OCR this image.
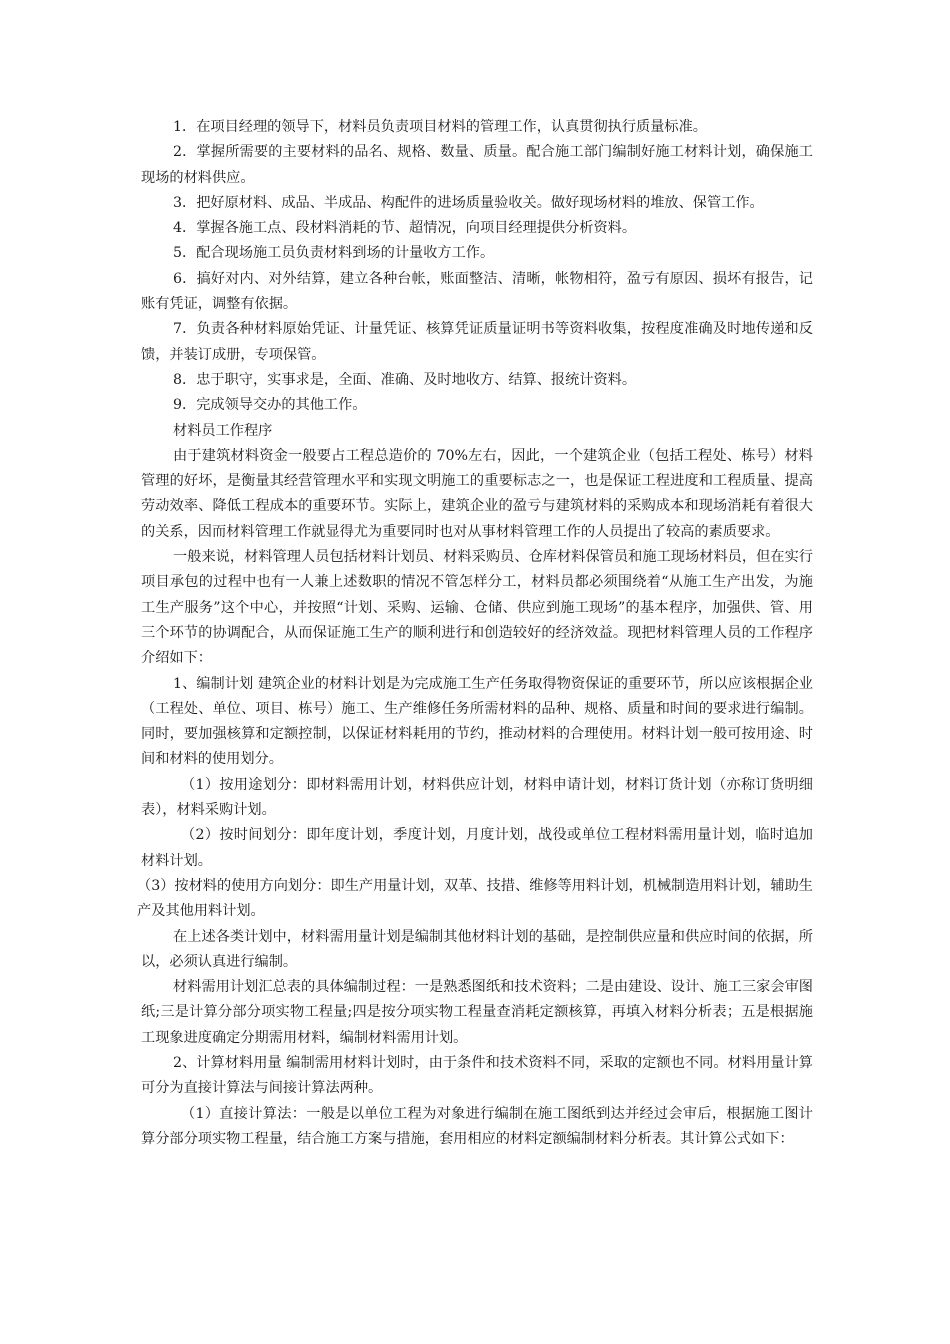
1．在项目经理的领导下，材料员负责项目材料的管理工作，认真贯彻执行质量标准。

2．掌握所需要的主要材料的品名、规格、数量、质量。配合施工部门编制好施工材料计划，确保施工现场的材料供应。

3．把好原材料、成品、半成品、构配件的进场质量验收关。做好现场材料的堆放、保管工作。

4．掌握各施工点、段材料消耗的节、超情况，向项目经理提供分析资料。

5．配合现场施工员负责材料到场的计量收方工作。

6．搞好对内、对外结算，建立各种台帐，账面整洁、清晰，帐物相符，盈亏有原因、损坏有报告，记账有凭证，调整有依据。

7．负责各种材料原始凭证、计量凭证、核算凭证质量证明书等资料收集，按程度准确及时地传递和反馈，并装订成册，专项保管。

8．忠于职守，实事求是，全面、准确、及时地收方、结算、报统计资料。

9．完成领导交办的其他工作。

材料员工作程序

由于建筑材料资金一般要占工程总造价的 70%左右，因此，一个建筑企业（包括工程处、栋号）材料管理的好坏，是衡量其经营管理水平和实现文明施工的重要标志之一，也是保证工程进度和工程质量、提高劳动效率、降低工程成本的重要环节。实际上，建筑企业的盈亏与建筑材料的采购成本和现场消耗有着很大的关系，因而材料管理工作就显得尤为重要同时也对从事材料管理工作的人员提出了较高的素质要求。

一般来说，材料管理人员包括材料计划员、材料采购员、仓库材料保管员和施工现场材料员，但在实行项目承包的过程中也有一人兼上述数职的情况不管怎样分工，材料员都必须围绕着“从施工生产出发，为施工生产服务”这个中心，并按照“计划、采购、运输、仓储、供应到施工现场”的基本程序，加强供、管、用三个环节的协调配合，从而保证施工生产的顺利进行和创造较好的经济效益。现把材料管理人员的工作程序介绍如下：

1、编制计划 建筑企业的材料计划是为完成施工生产任务取得物资保证的重要环节，所以应该根据企业（工程处、单位、项目、栋号）施工、生产维修任务所需材料的品种、规格、质量和时间的要求进行编制。同时，要加强核算和定额控制，以保证材料耗用的节约，推动材料的合理使用。材料计划一般可按用途、时间和材料的使用划分。

（1）按用途划分：即材料需用计划，材料供应计划，材料申请计划，材料订货计划（亦称订货明细表），材料采购计划。

（2）按时间划分：即年度计划，季度计划，月度计划，战役或单位工程材料需用量计划，临时追加材料计划。

（3）按材料的使用方向划分：即生产用量计划，双革、技措、维修等用料计划，机械制造用料计划，辅助生产及其他用料计划。

在上述各类计划中，材料需用量计划是编制其他材料计划的基础，是控制供应量和供应时间的依据，所以，必须认真进行编制。

材料需用计划汇总表的具体编制过程：一是熟悉图纸和技术资料；二是由建设、设计、施工三家会审图纸;三是计算分部分项实物工程量;四是按分项实物工程量查消耗定额核算，再填入材料分析表；五是根据施工现象进度确定分期需用材料，编制材料需用计划。

2、计算材料用量 编制需用材料计划时，由于条件和技术资料不同，采取的定额也不同。材料用量计算可分为直接计算法与间接计算法两种。

（1）直接计算法：一般是以单位工程为对象进行编制在施工图纸到达并经过会审后，根据施工图计算分部分项实物工程量，结合施工方案与措施，套用相应的材料定额编制材料分析表。其计算公式如下：
